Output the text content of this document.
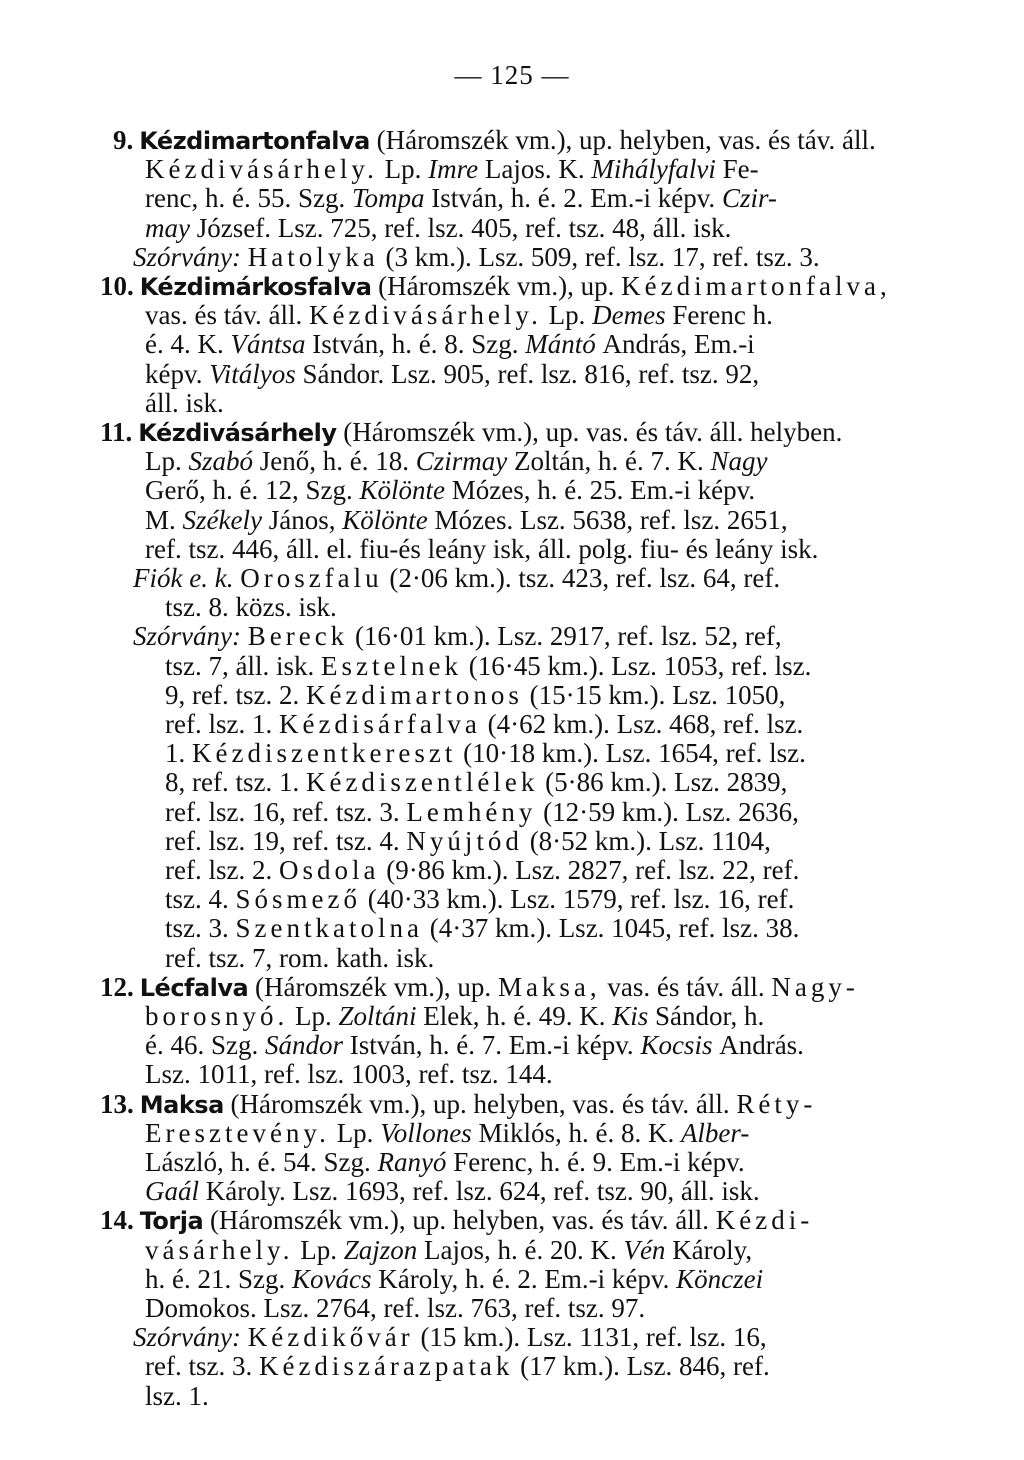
— 125 —
9. Kézdimartonfalva (Háromszék vm.), up. helyben, vas. és táv. áll.
Kézdivásárhely. Lp. Imre Lajos. K. Mihályfalvi Fe-
renc, h. é. 55. Szg. Tompa István, h. é. 2. Em.-i képv. Czir-
may József. Lsz. 725, ref. lsz. 405, ref. tsz. 48, áll. isk.
Szórvány: Hatolyka (3 km.). Lsz. 509, ref. lsz. 17, ref. tsz. 3.
10. Kézdimárkosfalva (Háromszék vm.), up. Kézdimartonfalva,
vas. és táv. áll. Kézdivásárhely. Lp. Demes Ferenc h.
é. 4. K. Vántsa István, h. é. 8. Szg. Mántó András, Em.-i
képv. Vitályos Sándor. Lsz. 905, ref. lsz. 816, ref. tsz. 92,
áll. isk.
11. Kézdivásárhely (Háromszék vm.), up. vas. és táv. áll. helyben.
Lp. Szabó Jenő, h. é. 18. Czirmay Zoltán, h. é. 7. K. Nagy
Gerő, h. é. 12, Szg. Kölönte Mózes, h. é. 25. Em.-i képv.
M. Székely János, Kölönte Mózes. Lsz. 5638, ref. lsz. 2651,
ref. tsz. 446, áll. el. fiu-és leány isk, áll. polg. fiu- és leány isk.
Fiók e. k. Oroszfalu (2·06 km.). tsz. 423, ref. lsz. 64, ref.
tsz. 8. közs. isk.
Szórvány: Bereck (16·01 km.). Lsz. 2917, ref. lsz. 52, ref,
tsz. 7, áll. isk. Esztelnek (16·45 km.). Lsz. 1053, ref. lsz.
9, ref. tsz. 2. Kézdimartonos (15·15 km.). Lsz. 1050,
ref. lsz. 1. Kézdisárfalva (4·62 km.). Lsz. 468, ref. lsz.
1. Kézdiszentkereszt (10·18 km.). Lsz. 1654, ref. lsz.
8, ref. tsz. 1. Kézdiszentlélek (5·86 km.). Lsz. 2839,
ref. lsz. 16, ref. tsz. 3. Lemhény (12·59 km.). Lsz. 2636,
ref. lsz. 19, ref. tsz. 4. Nyújtód (8·52 km.). Lsz. 1104,
ref. lsz. 2. Osdola (9·86 km.). Lsz. 2827, ref. lsz. 22, ref.
tsz. 4. Sósmező (40·33 km.). Lsz. 1579, ref. lsz. 16, ref.
tsz. 3. Szentkatolna (4·37 km.). Lsz. 1045, ref. lsz. 38.
ref. tsz. 7, rom. kath. isk.
12. Lécfalva (Háromszék vm.), up. Maksa, vas. és táv. áll. Nagy-
borosnyó. Lp. Zoltáni Elek, h. é. 49. K. Kis Sándor, h.
é. 46. Szg. Sándor István, h. é. 7. Em.-i képv. Kocsis András.
Lsz. 1011, ref. lsz. 1003, ref. tsz. 144.
13. Maksa (Háromszék vm.), up. helyben, vas. és táv. áll. Réty-
Eresztevény. Lp. Vollones Miklós, h. é. 8. K. Alber-
László, h. é. 54. Szg. Ranyó Ferenc, h. é. 9. Em.-i képv.
Gaál Károly. Lsz. 1693, ref. lsz. 624, ref. tsz. 90, áll. isk.
14. Torja (Háromszék vm.), up. helyben, vas. és táv. áll. Kézdi-
vásárhely. Lp. Zajzon Lajos, h. é. 20. K. Vén Károly,
h. é. 21. Szg. Kovács Károly, h. é. 2. Em.-i képv. Könczei
Domokos. Lsz. 2764, ref. lsz. 763, ref. tsz. 97.
Szórvány: Kézdikővár (15 km.). Lsz. 1131, ref. lsz. 16,
ref. tsz. 3. Kézdiszárazpatak (17 km.). Lsz. 846, ref.
lsz. 1.
